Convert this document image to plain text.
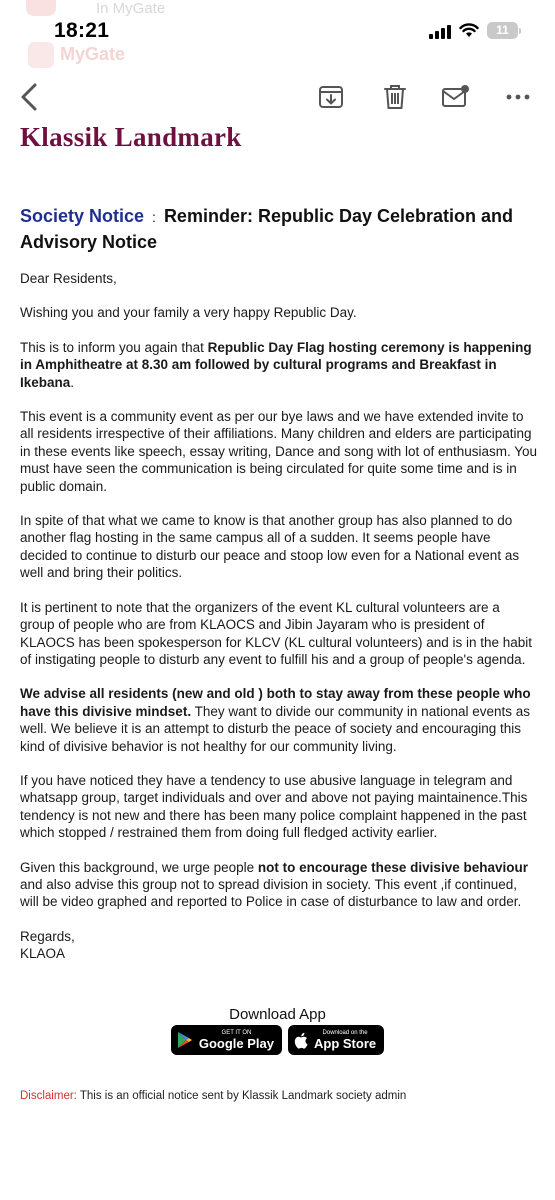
In MyGate
MyGate
18:21	11
Klassik Landmark
Society Notice : Reminder: Republic Day Celebration and Advisory Notice

Dear Residents,

Wishing you and your family a very happy Republic Day.

This is to inform you again that Republic Day Flag hosting ceremony is happening in Amphitheatre at 8.30 am followed by cultural programs and Breakfast in Ikebana.

This event is a community event as per our bye laws and we have extended invite to all residents irrespective of their affiliations. Many children and elders are participating in these events like speech, essay writing, Dance and song with lot of enthusiasm. You must have seen the communication is being circulated for quite some time and is in public domain.

In spite of that what we came to know is that another group has also planned to do another flag hosting in the same campus all of a sudden. It seems people have decided to continue to disturb our peace and stoop low even for a National event as well and bring their politics.

It is pertinent to note that the organizers of the event KL cultural volunteers are a group of people who are from KLAOCS and Jibin Jayaram who is president of KLAOCS has been spokesperson for KLCV (KL cultural volunteers) and is in the habit of instigating people to disturb any event to fulfill his and a group of people's agenda.

We advise all residents (new and old ) both to stay away from these people who have this divisive mindset. They want to divide our community in national events as well. We believe it is an attempt to disturb the peace of society and encouraging this kind of divisive behavior is not healthy for our community living.

If you have noticed they have a tendency to use abusive language in telegram and whatsapp group, target individuals and over and above not paying maintainence.This tendency is not new and there has been many police complaint happened in the past which stopped / restrained them from doing full fledged activity earlier.

Given this background, we urge people not to encourage these divisive behaviour and also advise this group not to spread division in society. This event ,if continued, will be video graphed and reported to Police in case of disturbance to law and order.

Regards,
KLAOA
Disclaimer: This is an official notice sent by Klassik Landmark society admin
Download App
GET IT ON
Google Play
Download on the
App Store
